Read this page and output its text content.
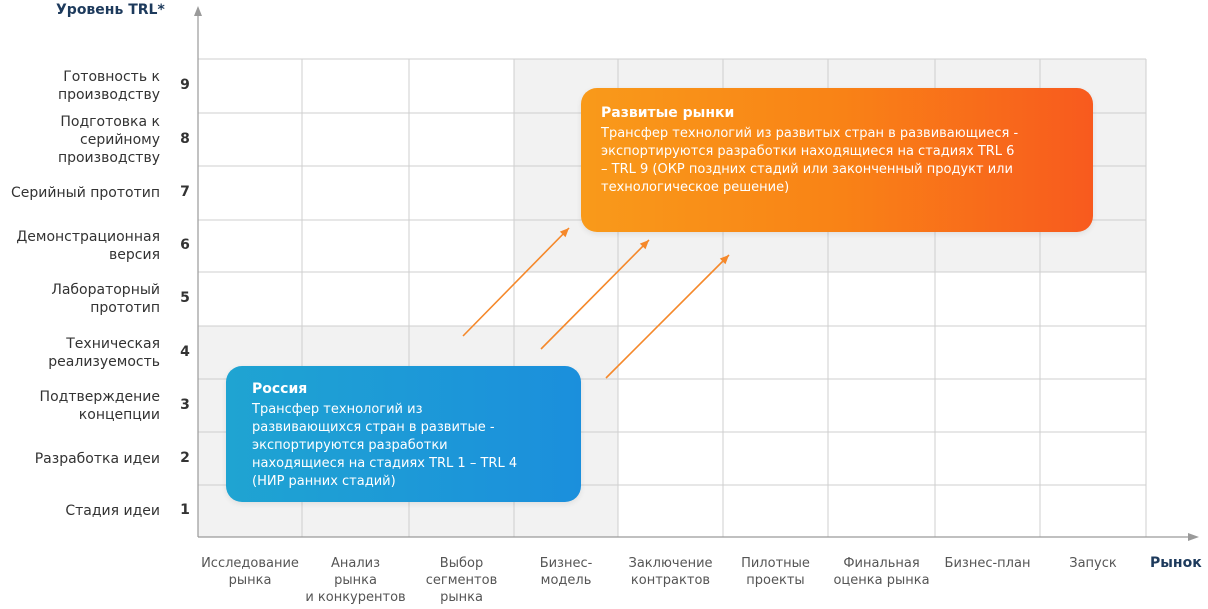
Уровень TRL*
Рынок
Стадия идеи 1
Разработка идеи 2
Подтверждение
концепции
3
Техническая
реализуемость
4
Лабораторный
прототип
5
Демонстрационная
версия
6
Серийный прототип 7
Подготовка к
серийному
производству
8
Готовность к
производству
9
Исследование
рынка
Анализ
рынка
и конкурентов
Выбор
сегментов
рынка
Бизнес-
модель
Заключение
контрактов
Пилотные
проекты
Финальная
оценка рынка
Бизнес-план	Запуск
Развитые рынки
Трансфер технологий из развитых стран в развивающиеся -
экспортируются разработки находящиеся на стадиях TRL 6
– TRL 9 (ОКР поздних стадий или законченный продукт или
технологическое решение)
Россия
Трансфер технологий из
развивающихся стран в развитые -
экспортируются разработки
находящиеся на стадиях TRL 1 – TRL 4
(НИР ранних стадий)
